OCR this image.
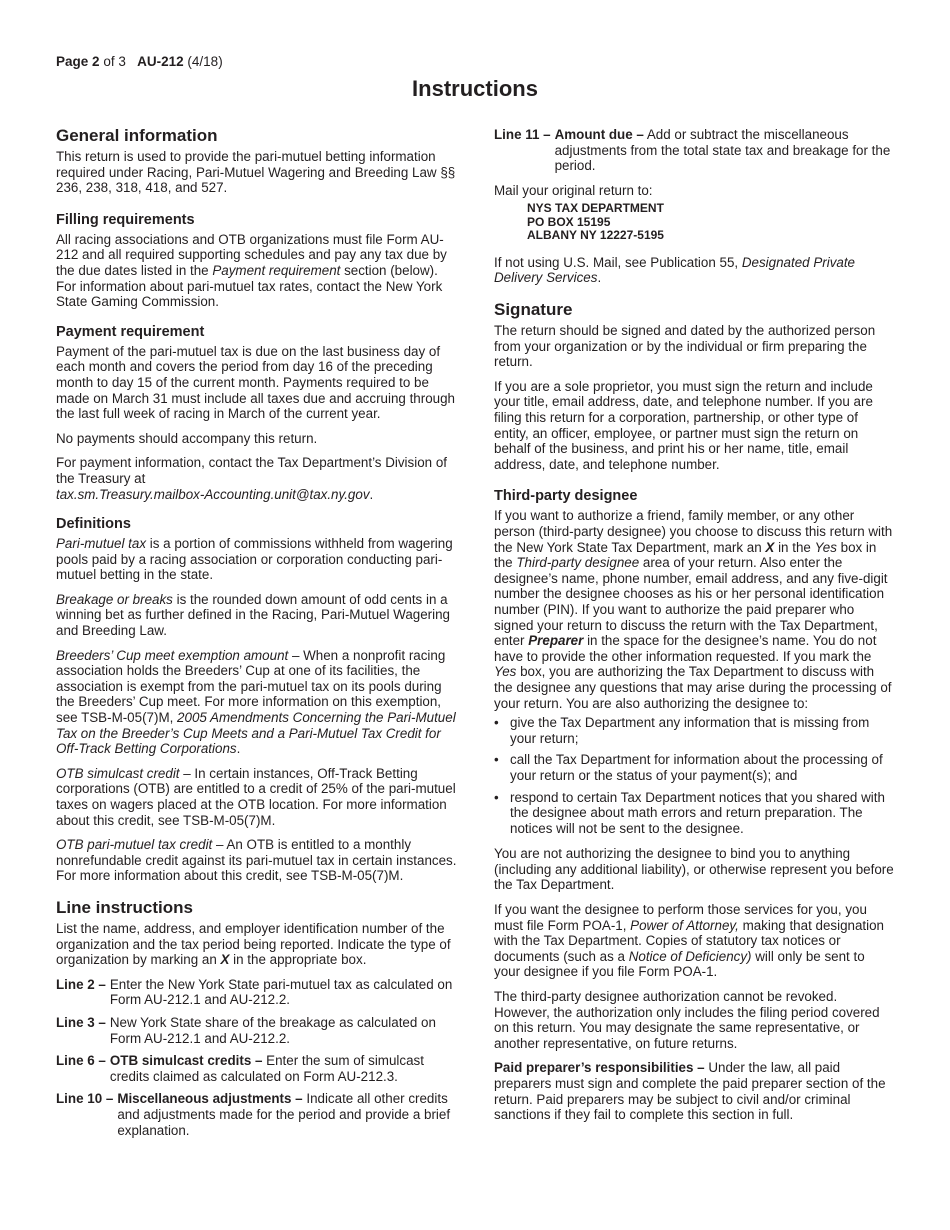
Page 2 of 3 AU-212 (4/18)
Instructions
General information

This return is used to provide the pari-mutuel betting information required under Racing, Pari-Mutuel Wagering and Breeding Law §§ 236, 238, 318, 418, and 527.

Filling requirements

All racing associations and OTB organizations must file Form AU-212 and all required supporting schedules and pay any tax due by the due dates listed in the Payment requirement section (below). For information about pari-mutuel tax rates, contact the New York State Gaming Commission.

Payment requirement

Payment of the pari-mutuel tax is due on the last business day of each month and covers the period from day 16 of the preceding month to day 15 of the current month. Payments required to be made on March 31 must include all taxes due and accruing through the last full week of racing in March of the current year.

No payments should accompany this return.

For payment information, contact the Tax Department’s Division of the Treasury at
tax.sm.Treasury.mailbox-Accounting.unit@tax.ny.gov.

Definitions

Pari-mutuel tax is a portion of commissions withheld from wagering pools paid by a racing association or corporation conducting pari-mutuel betting in the state.

Breakage or breaks is the rounded down amount of odd cents in a winning bet as further defined in the Racing, Pari-Mutuel Wagering and Breeding Law.

Breeders’ Cup meet exemption amount – When a nonprofit racing association holds the Breeders’ Cup at one of its facilities, the association is exempt from the pari-mutuel tax on its pools during the Breeders’ Cup meet. For more information on this exemption, see TSB-M-05(7)M, 2005 Amendments Concerning the Pari-Mutuel Tax on the Breeder’s Cup Meets and a Pari-Mutuel Tax Credit for Off-Track Betting Corporations.

OTB simulcast credit – In certain instances, Off-Track Betting corporations (OTB) are entitled to a credit of 25% of the pari-mutuel taxes on wagers placed at the OTB location. For more information about this credit, see TSB-M-05(7)M.

OTB pari-mutuel tax credit – An OTB is entitled to a monthly nonrefundable credit against its pari-mutuel tax in certain instances. For more information about this credit, see TSB-M-05(7)M.

Line instructions

List the name, address, and employer identification number of the organization and the tax period being reported. Indicate the type of organization by marking an X in the appropriate box.

Line 2 – Enter the New York State pari-mutuel tax as calculated on Form AU-212.1 and AU-212.2.
Line 3 – New York State share of the breakage as calculated on Form AU-212.1 and AU-212.2.
Line 6 – OTB simulcast credits – Enter the sum of simulcast credits claimed as calculated on Form AU-212.3.
Line 10 – Miscellaneous adjustments – Indicate all other credits and adjustments made for the period and provide a brief explanation.
Line 11 – Amount due – Add or subtract the miscellaneous adjustments from the total state tax and breakage for the period.

Mail your original return to:

NYS TAX DEPARTMENT
PO BOX 15195
ALBANY NY 12227-5195

If not using U.S. Mail, see Publication 55, Designated Private Delivery Services.

Signature

The return should be signed and dated by the authorized person from your organization or by the individual or firm preparing the return.

If you are a sole proprietor, you must sign the return and include your title, email address, date, and telephone number. If you are filing this return for a corporation, partnership, or other type of entity, an officer, employee, or partner must sign the return on behalf of the business, and print his or her name, title, email address, date, and telephone number.

Third-party designee

If you want to authorize a friend, family member, or any other person (third-party designee) you choose to discuss this return with the New York State Tax Department, mark an X in the Yes box in the Third-party designee area of your return. Also enter the designee’s name, phone number, email address, and any five-digit number the designee chooses as his or her personal identification number (PIN). If you want to authorize the paid preparer who signed your return to discuss the return with the Tax Department, enter Preparer in the space for the designee’s name. You do not have to provide the other information requested. If you mark the Yes box, you are authorizing the Tax Department to discuss with the designee any questions that may arise during the processing of your return. You are also authorizing the designee to:

• give the Tax Department any information that is missing from your return;
• call the Tax Department for information about the processing of your return or the status of your payment(s); and
• respond to certain Tax Department notices that you shared with the designee about math errors and return preparation. The notices will not be sent to the designee.

You are not authorizing the designee to bind you to anything (including any additional liability), or otherwise represent you before the Tax Department.

If you want the designee to perform those services for you, you must file Form POA-1, Power of Attorney, making that designation with the Tax Department. Copies of statutory tax notices or documents (such as a Notice of Deficiency) will only be sent to your designee if you file Form POA-1.

The third-party designee authorization cannot be revoked. However, the authorization only includes the filing period covered on this return. You may designate the same representative, or another representative, on future returns.

Paid preparer’s responsibilities – Under the law, all paid preparers must sign and complete the paid preparer section of the return. Paid preparers may be subject to civil and/or criminal sanctions if they fail to complete this section in full.
